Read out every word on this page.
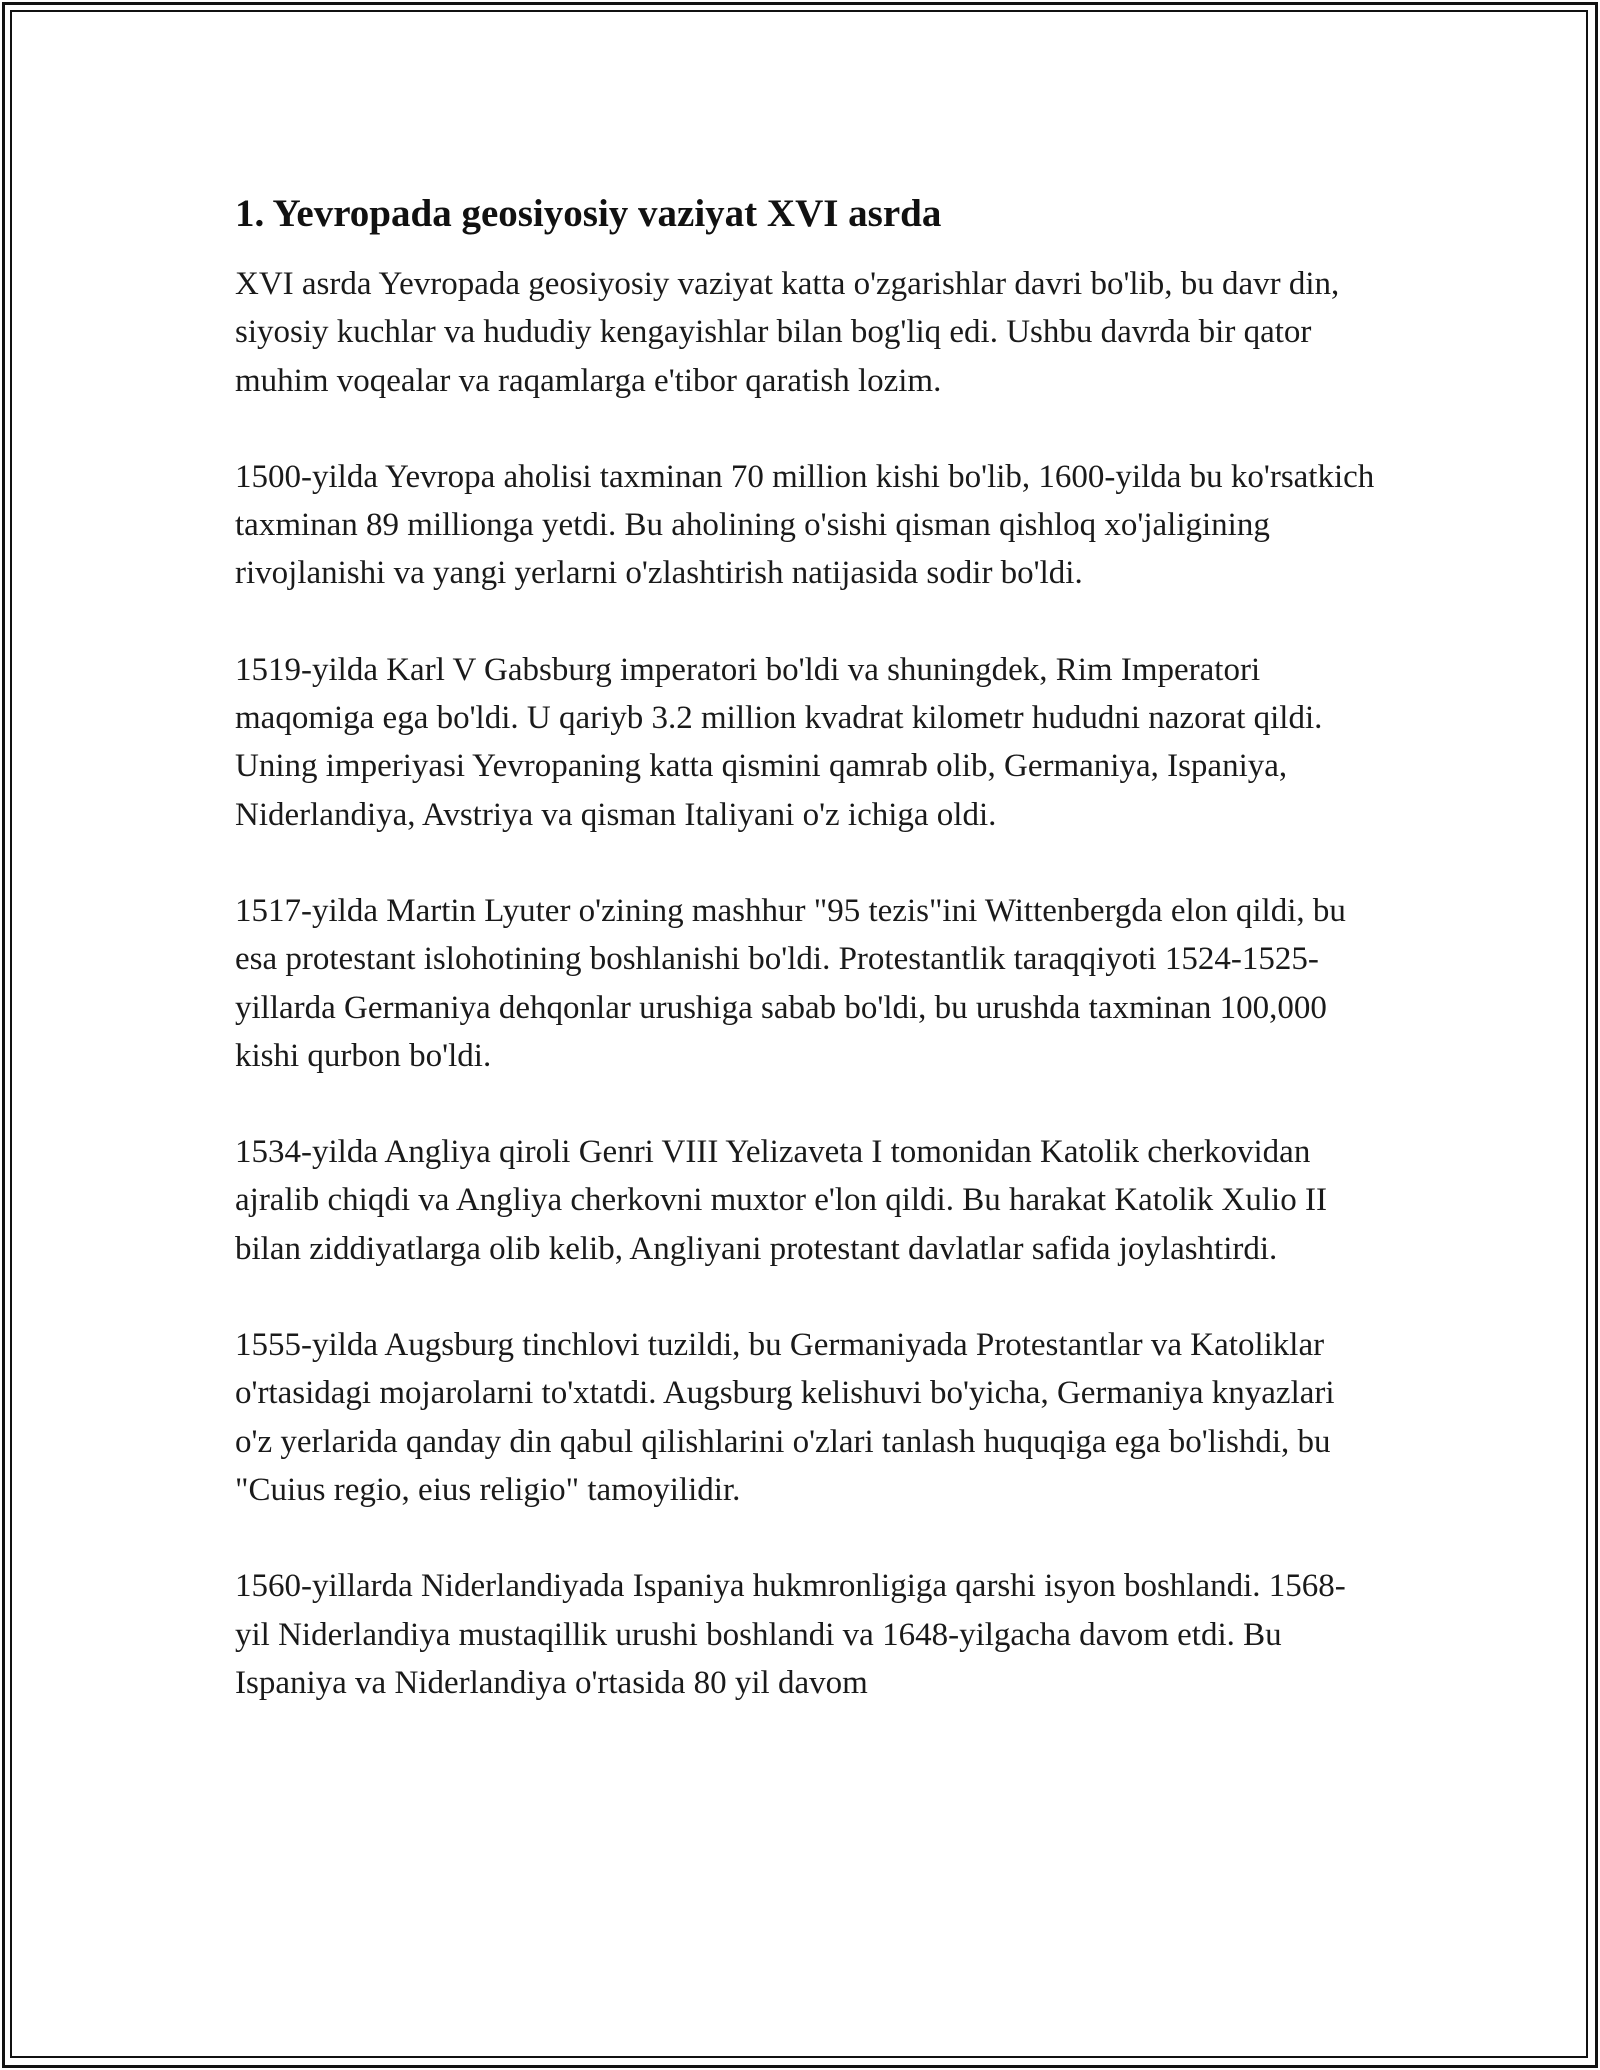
1. Yevropada geosiyosiy vaziyat XVI asrda

XVI asrda Yevropada geosiyosiy vaziyat katta o'zgarishlar davri bo'lib, bu davr din, siyosiy kuchlar va hududiy kengayishlar bilan bog'liq edi. Ushbu davrda bir qator muhim voqealar va raqamlarga e'tibor qaratish lozim.

1500-yilda Yevropa aholisi taxminan 70 million kishi bo'lib, 1600-yilda bu ko'rsatkich taxminan 89 millionga yetdi. Bu aholining o'sishi qisman qishloq xo'jaligining rivojlanishi va yangi yerlarni o'zlashtirish natijasida sodir bo'ldi.

1519-yilda Karl V Gabsburg imperatori bo'ldi va shuningdek, Rim Imperatori maqomiga ega bo'ldi. U qariyb 3.2 million kvadrat kilometr hududni nazorat qildi. Uning imperiyasi Yevropaning katta qismini qamrab olib, Germaniya, Ispaniya, Niderlandiya, Avstriya va qisman Italiyani o'z ichiga oldi.

1517-yilda Martin Lyuter o'zining mashhur "95 tezis"ini Wittenbergda elon qildi, bu esa protestant islohotining boshlanishi bo'ldi. Protestantlik taraqqiyoti 1524-1525-yillarda Germaniya dehqonlar urushiga sabab bo'ldi, bu urushda taxminan 100,000 kishi qurbon bo'ldi.

1534-yilda Angliya qiroli Genri VIII Yelizaveta I tomonidan Katolik cherkovidan ajralib chiqdi va Angliya cherkovni muxtor e'lon qildi. Bu harakat Katolik Xulio II bilan ziddiyatlarga olib kelib, Angliyani protestant davlatlar safida joylashtirdi.

1555-yilda Augsburg tinchlovi tuzildi, bu Germaniyada Protestantlar va Katoliklar o'rtasidagi mojarolarni to'xtatdi. Augsburg kelishuvi bo'yicha, Germaniya knyazlari o'z yerlarida qanday din qabul qilishlarini o'zlari tanlash huquqiga ega bo'lishdi, bu "Cuius regio, eius religio" tamoyilidir.

1560-yillarda Niderlandiyada Ispaniya hukmronligiga qarshi isyon boshlandi. 1568-yil Niderlandiya mustaqillik urushi boshlandi va 1648-yilgacha davom etdi. Bu Ispaniya va Niderlandiya o'rtasida 80 yil davom
